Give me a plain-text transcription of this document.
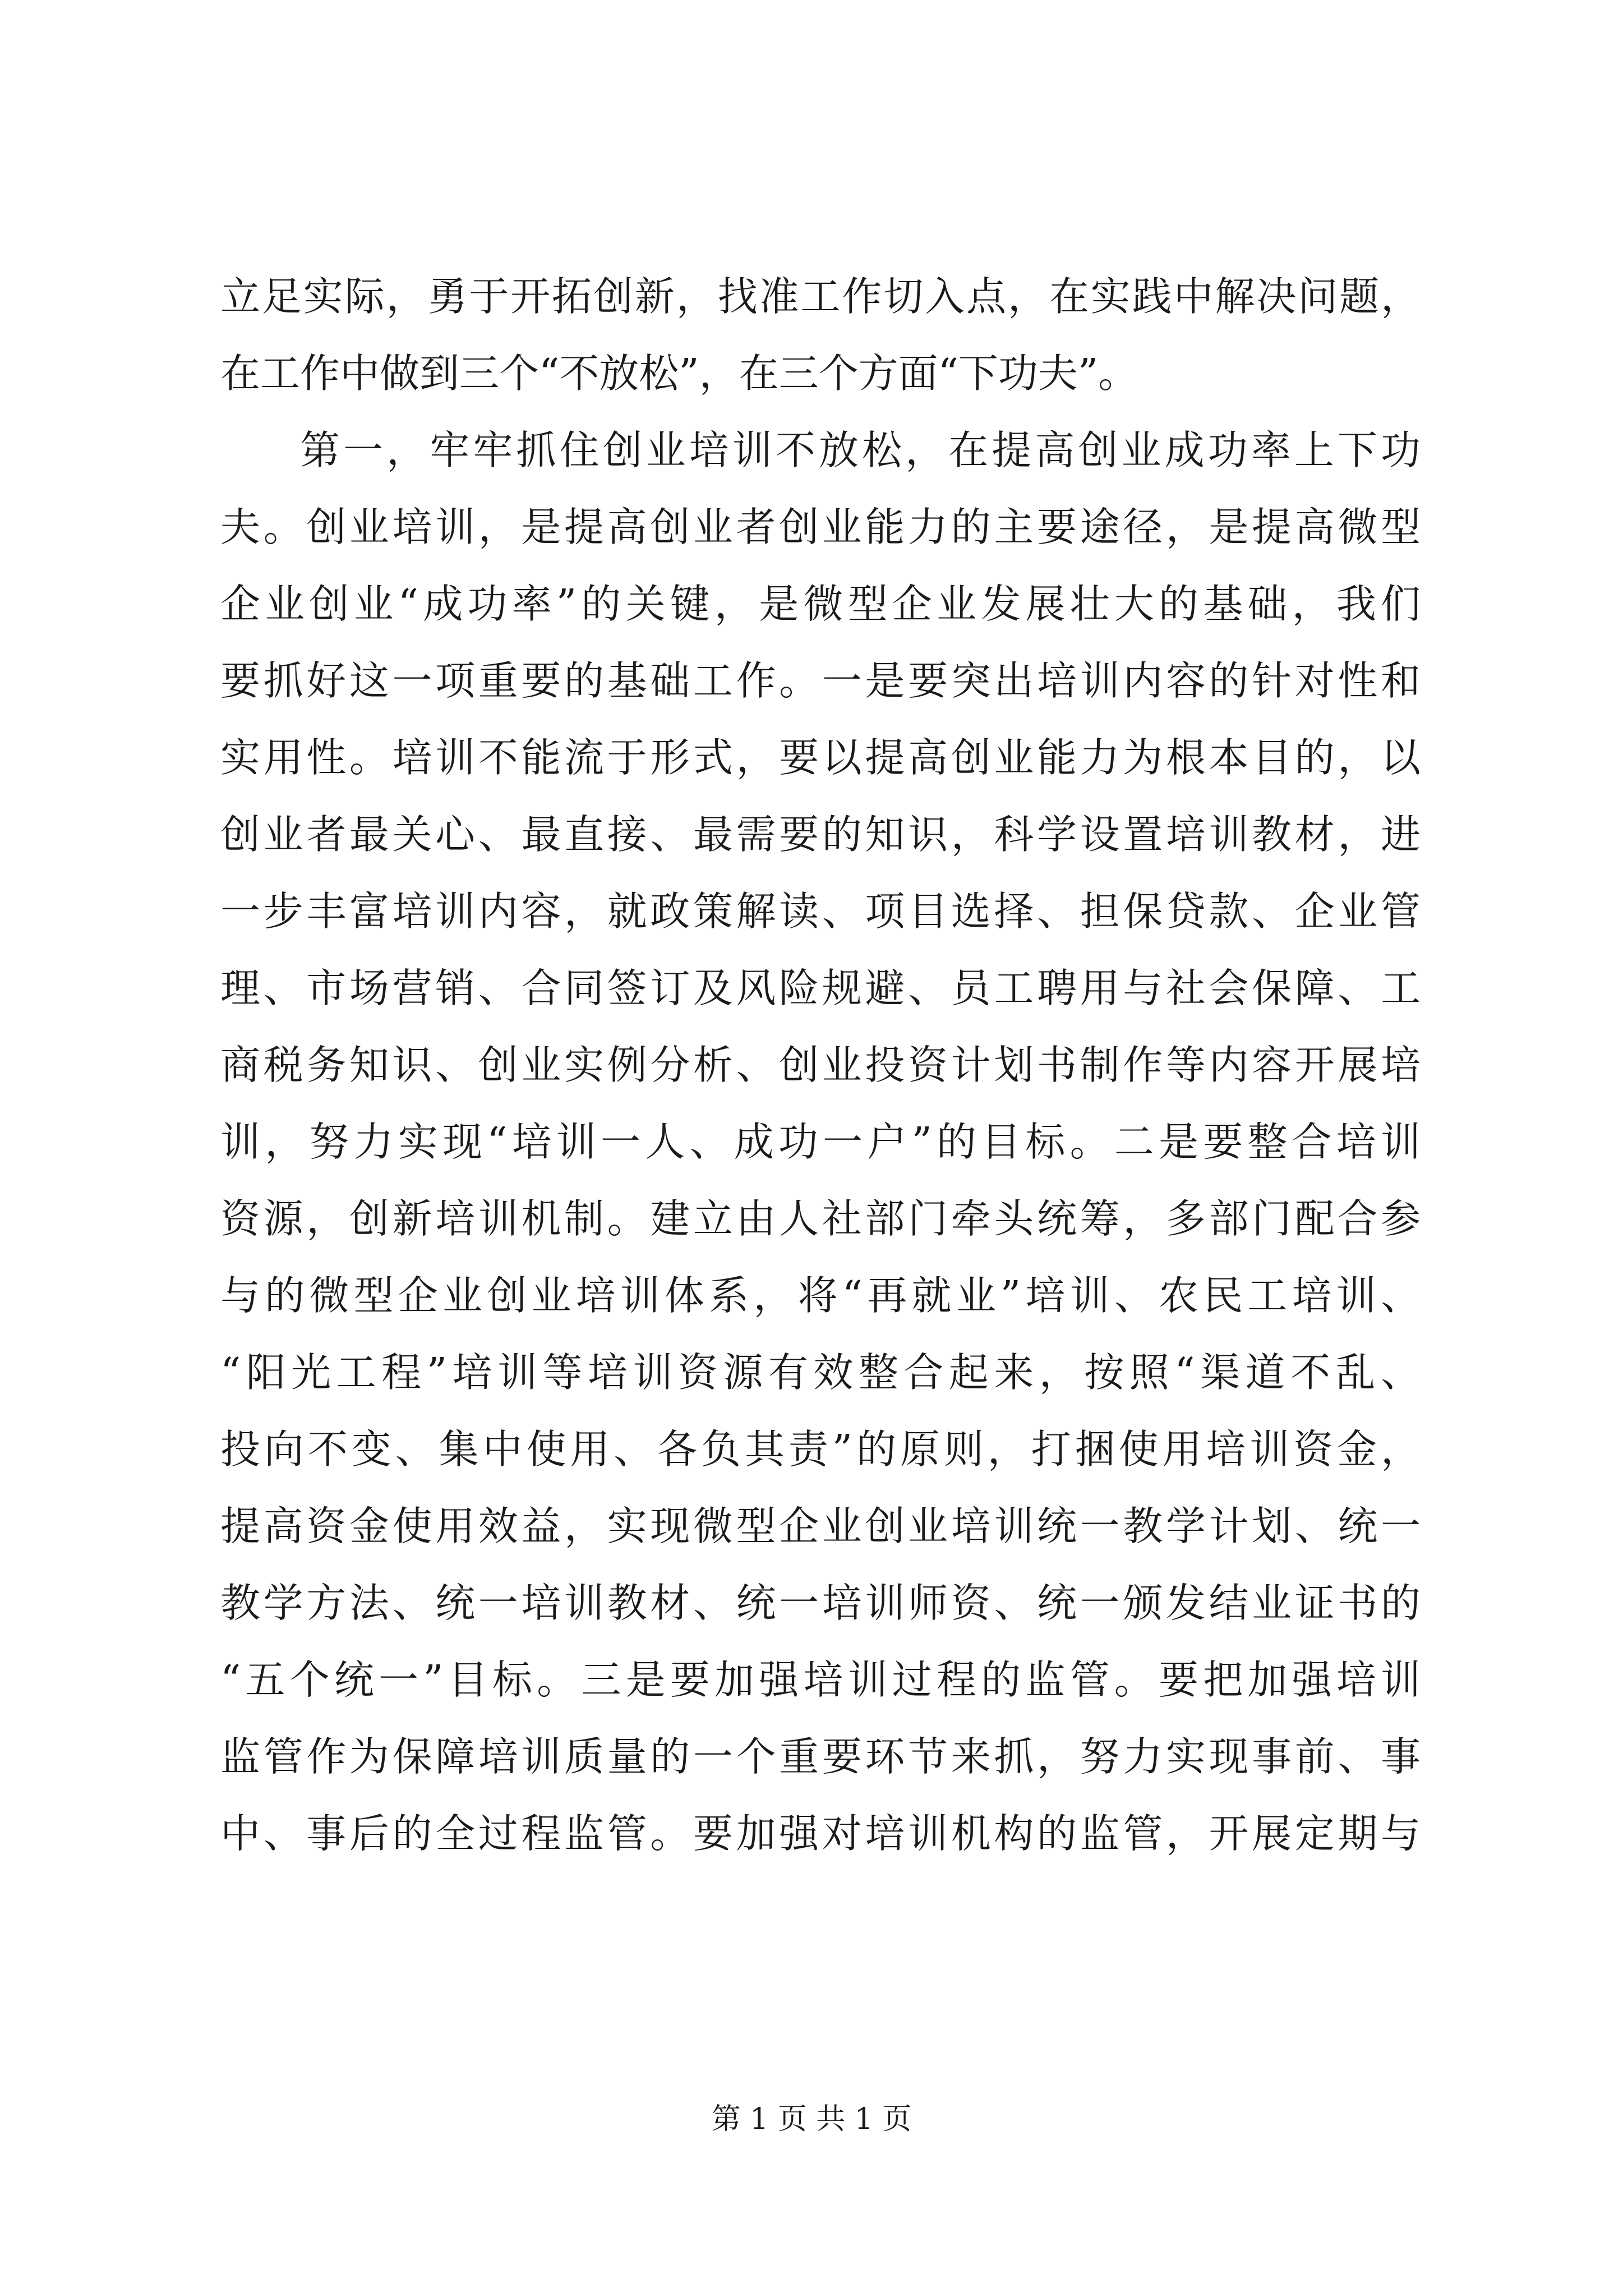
立足实际，勇于开拓创新，找准工作切入点，在实践中解决问题，
在工作中做到三个“不放松”，在三个方面“下功夫”。
第一，牢牢抓住创业培训不放松，在提高创业成功率上下功
夫。创业培训，是提高创业者创业能力的主要途径，是提高微型
企业创业“成功率”的关键，是微型企业发展壮大的基础，我们
要抓好这一项重要的基础工作。一是要突出培训内容的针对性和
实用性。培训不能流于形式，要以提高创业能力为根本目的，以
创业者最关心、最直接、最需要的知识，科学设置培训教材，进
一步丰富培训内容，就政策解读、项目选择、担保贷款、企业管
理、市场营销、合同签订及风险规避、员工聘用与社会保障、工
商税务知识、创业实例分析、创业投资计划书制作等内容开展培
训，努力实现“培训一人、成功一户”的目标。二是要整合培训
资源，创新培训机制。建立由人社部门牵头统筹，多部门配合参
与的微型企业创业培训体系，将“再就业”培训、农民工培训、
“阳光工程”培训等培训资源有效整合起来，按照“渠道不乱、
投向不变、集中使用、各负其责”的原则，打捆使用培训资金，
提高资金使用效益，实现微型企业创业培训统一教学计划、统一
教学方法、统一培训教材、统一培训师资、统一颁发结业证书的
“五个统一”目标。三是要加强培训过程的监管。要把加强培训
监管作为保障培训质量的一个重要环节来抓，努力实现事前、事
中、事后的全过程监管。要加强对培训机构的监管，开展定期与
第 1 页 共 1 页
